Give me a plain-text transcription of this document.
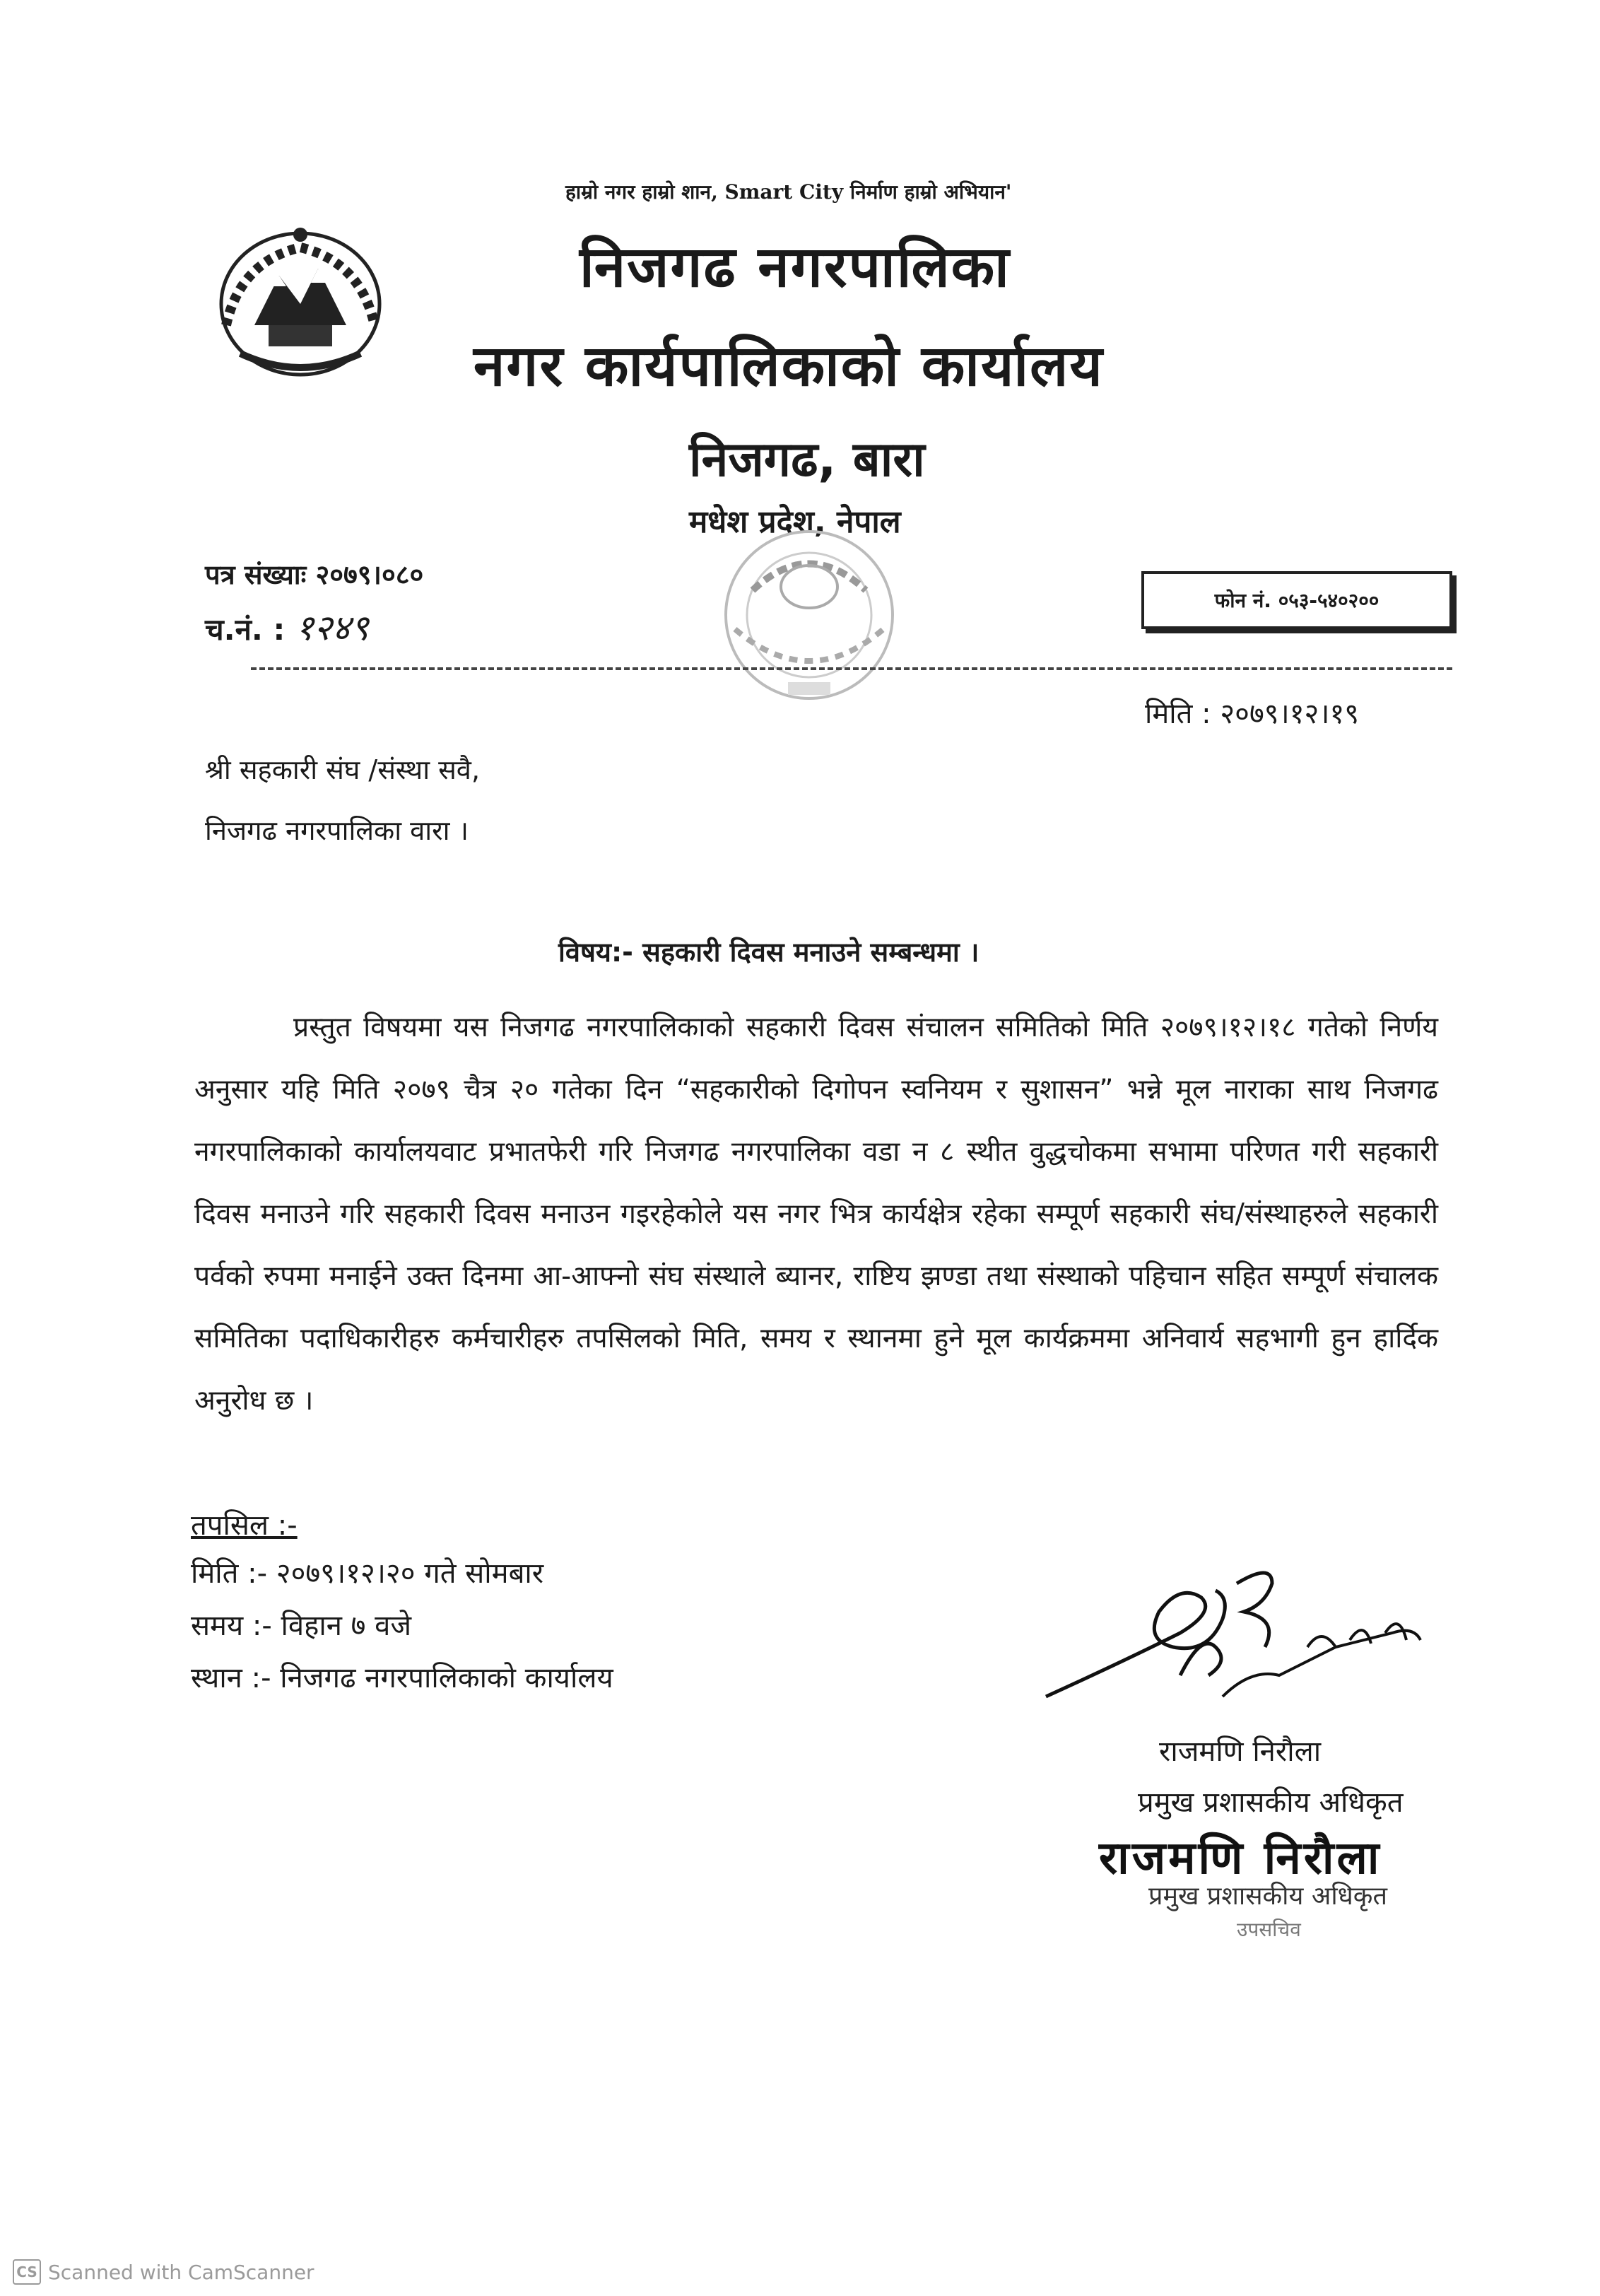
हाम्रो नगर हाम्रो शान, Smart City निर्माण हाम्रो अभियान'
निजगढ नगरपालिका
नगर कार्यपालिकाको कार्यालय
निजगढ, बारा
मधेश प्रदेश, नेपाल
पत्र संख्याः २०७९।०८०
च.नं. : १२४९
फोन नं. ०५३-५४०२००
मिति : २०७९।१२।१९
श्री सहकारी संघ /संस्था सवै,
निजगढ नगरपालिका वारा ।
विषय:- सहकारी दिवस मनाउने सम्बन्धमा ।
प्रस्तुत विषयमा यस निजगढ नगरपालिकाको सहकारी दिवस संचालन समितिको मिति २०७९।१२।१८ गतेको निर्णय अनुसार यहि मिति २०७९ चैत्र २० गतेका दिन “सहकारीको दिगोपन स्वनियम र सुशासन” भन्ने मूल नाराका साथ निजगढ नगरपालिकाको कार्यालयवाट प्रभातफेरी गरि निजगढ नगरपालिका वडा न ८ स्थीत वुद्धचोकमा सभामा परिणत गरी सहकारी दिवस मनाउने गरि सहकारी दिवस मनाउन गइरहेकोले यस नगर भित्र कार्यक्षेत्र रहेका सम्पूर्ण सहकारी संघ/संस्थाहरुले सहकारी पर्वको रुपमा मनाईने उक्त दिनमा आ-आफ्नो संघ संस्थाले ब्यानर, राष्टिय झण्डा तथा संस्थाको पहिचान सहित सम्पूर्ण संचालक समितिका पदाधिकारीहरु कर्मचारीहरु तपसिलको मिति, समय र स्थानमा हुने मूल कार्यक्रममा अनिवार्य सहभागी हुन हार्दिक अनुरोध छ ।
तपसिल :-
मिति :- २०७९।१२।२० गते सोमबार
समय :- विहान ७ वजे
स्थान :- निजगढ नगरपालिकाको कार्यालय
राजमणि निरौला
प्रमुख प्रशासकीय अधिकृत
राजमणि निरौला
प्रमुख प्रशासकीय अधिकृत
उपसचिव
CS Scanned with CamScanner
